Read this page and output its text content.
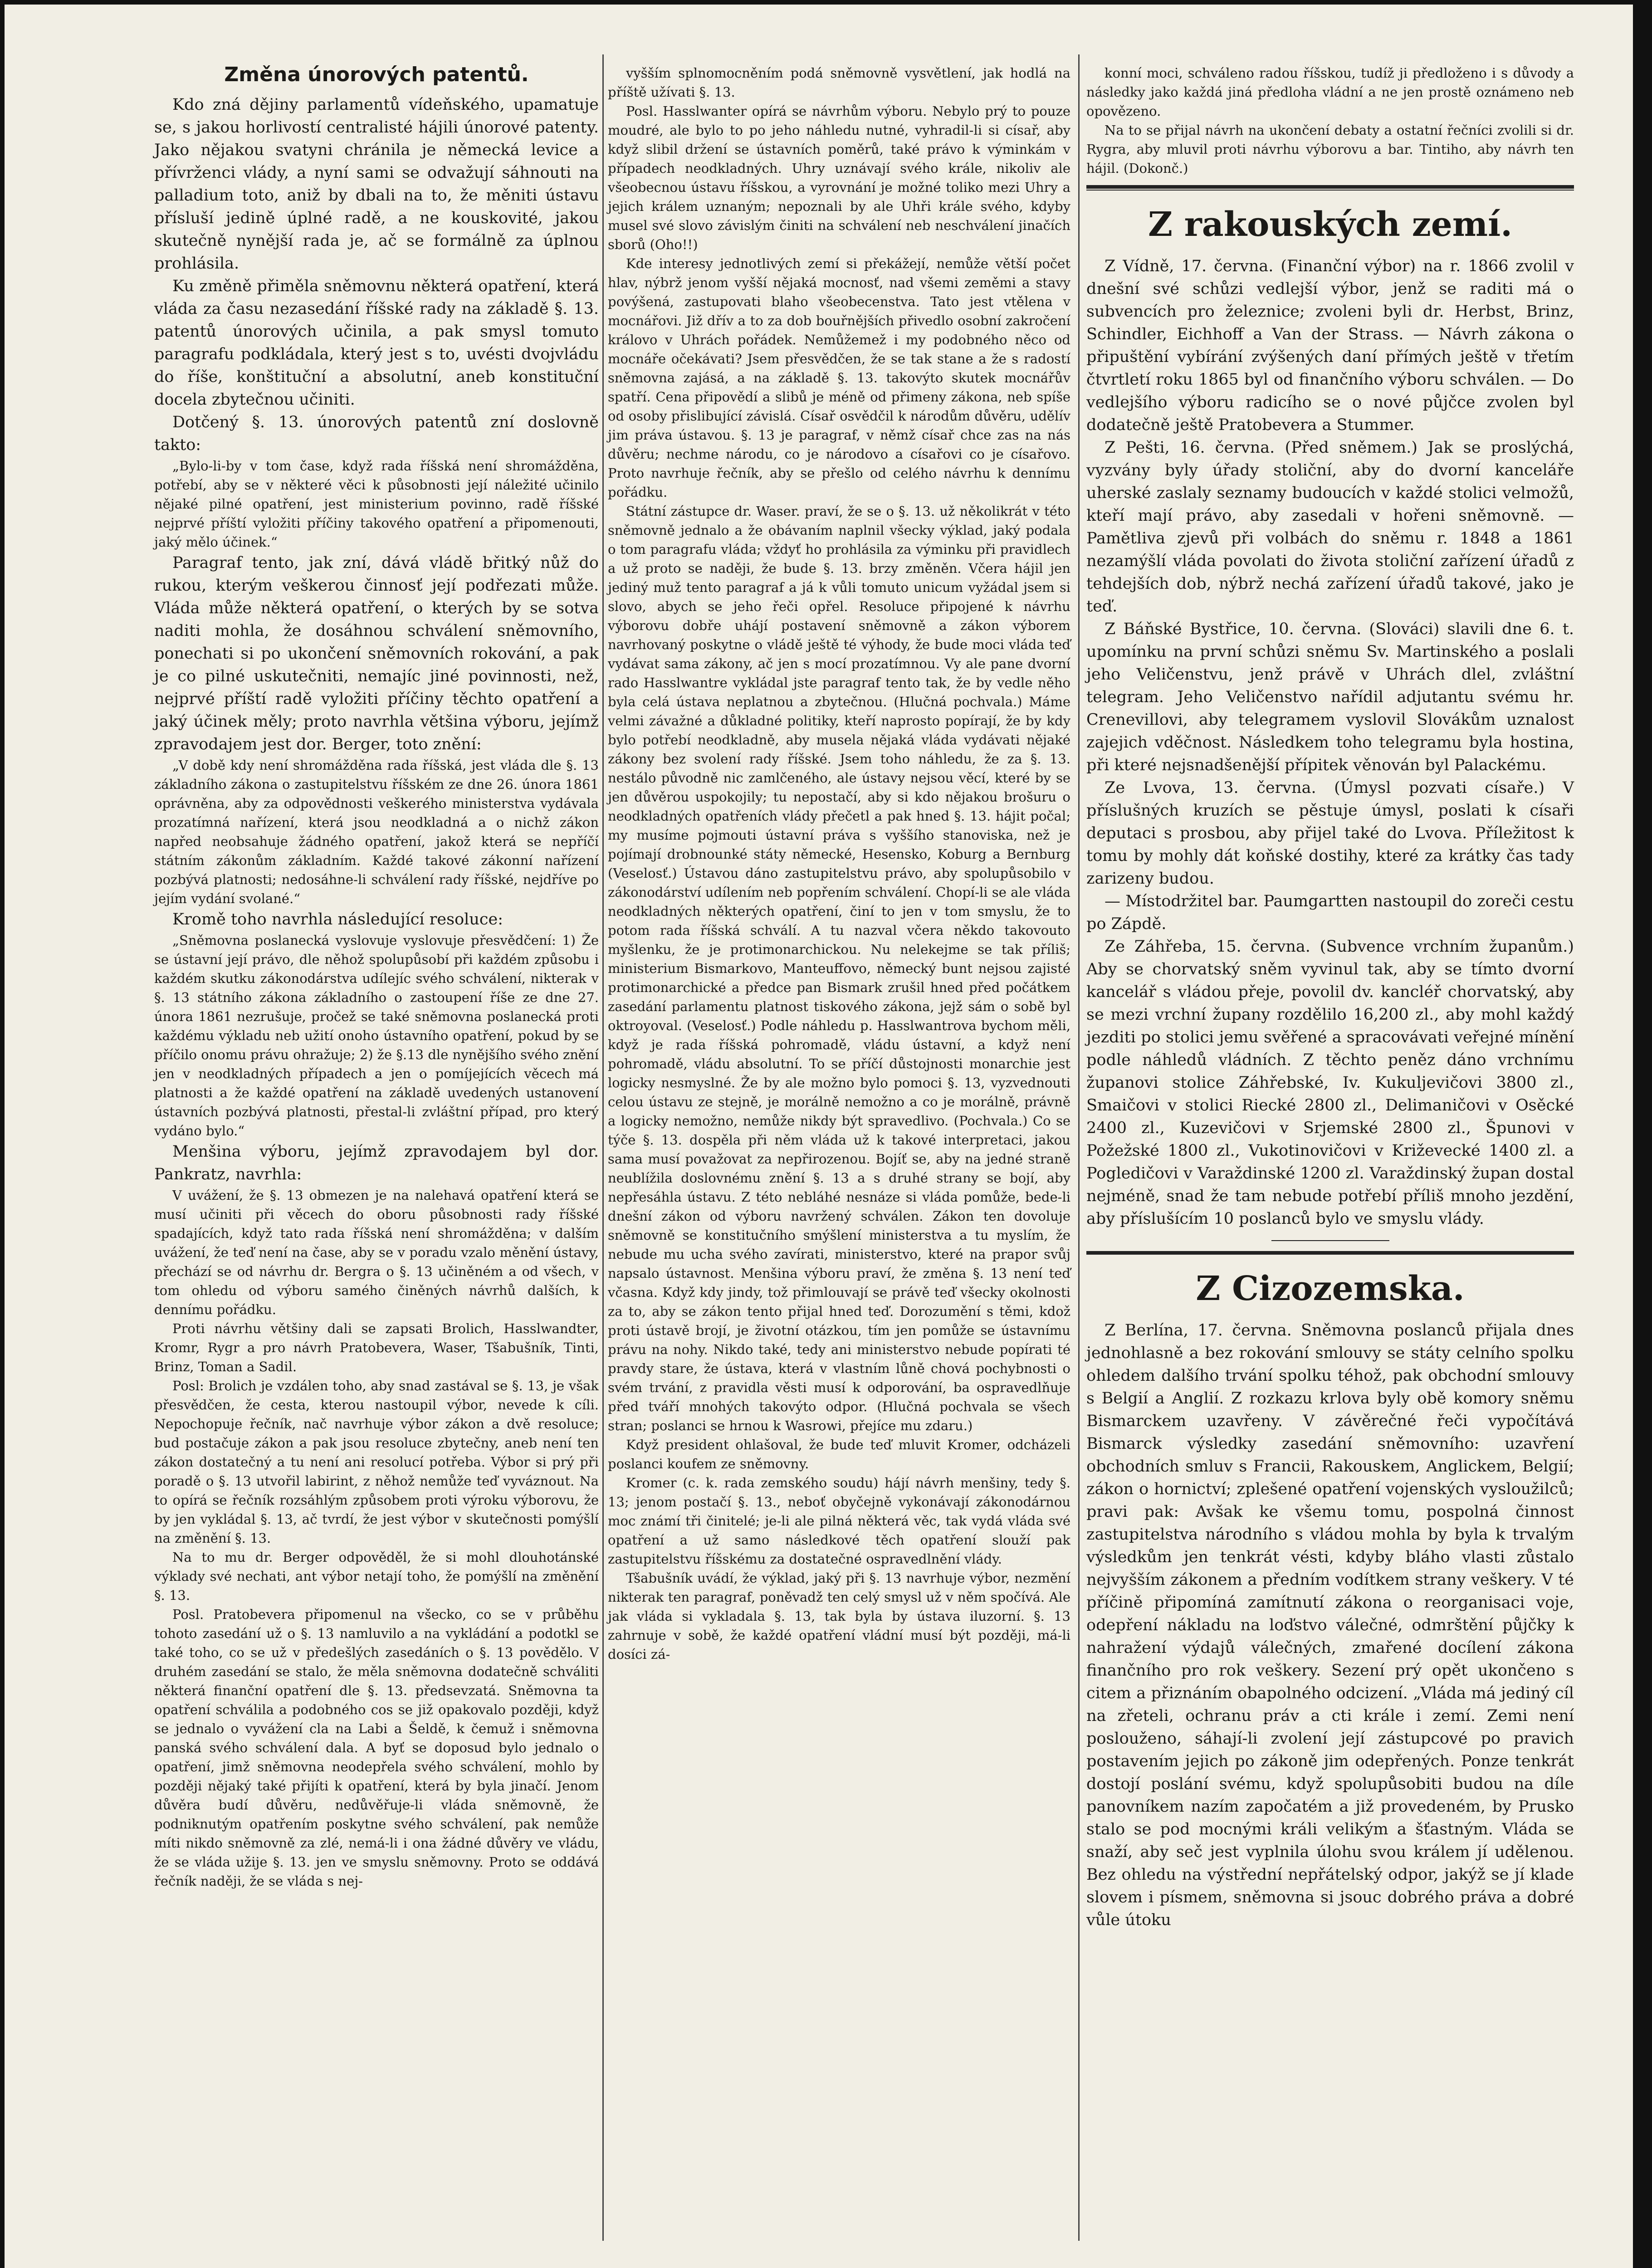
Změna únorových patentů.

Kdo zná dějiny parlamentů vídeňského, upamatuje se, s jakou horlivostí centralisté hájili únorové patenty. Jako nějakou svatyni chránila je německá levice a přívrženci vlády, a nyní sami se odvažují sáhnouti na palladium toto, aniž by dbali na to, že měniti ústavu přísluší jedině úplné radě, a ne kouskovité, jakou skutečně nynější rada je, ač se formálně za úplnou prohlásila.

Ku změně přiměla sněmovnu některá opatření, která vláda za času nezasedání říšské rady na základě §. 13. patentů únorových učinila, a pak smysl tomuto paragrafu podkládala, který jest s to, uvésti dvojvládu do říše, konštituční a absolutní, aneb konstituční docela zbytečnou učiniti.

Dotčený §. 13. únorových patentů zní doslovně takto:

„Bylo-li-by v tom čase, když rada říšská není shromážděna, potřebí, aby se v některé věci k působnosti její náležité učinilo nějaké pilné opatření, jest ministerium povinno, radě říšské nejprvé příští vyložiti příčiny takového opatření a připomenouti, jaký mělo účinek.“

Paragraf tento, jak zní, dává vládě břitký nůž do rukou, kterým veškerou činnosť její podřezati může. Vláda může některá opatření, o kterých by se sotva naditi mohla, že dosáhnou schválení sněmovního, ponechati si po ukončení sněmovních rokování, a pak je co pilné uskutečniti, nemajíc jiné povinnosti, než, nejprvé příští radě vyložiti příčiny těchto opatření a jaký účinek měly; proto navrhla většina výboru, jejímž zpravodajem jest dor. Berger, toto znění:

„V době kdy není shromážděna rada říšská, jest vláda dle §. 13 základního zákona o zastupitelstvu říšském ze dne 26. února 1861 oprávněna, aby za odpovědnosti veškerého ministerstva vydávala prozatímná nařízení, která jsou neodkladná a o nichž zákon napřed neobsahuje žádného opatření, jakož která se nepříčí státním zákonům základním. Každé takové zákonní nařízení pozbývá platnosti; nedosáhne-li schválení rady říšské, nejdříve po jejím vydání svolané.“

Kromě toho navrhla následující resoluce:

„Sněmovna poslanecká vyslovuje vyslovuje přesvědčení: 1) Že se ústavní její právo, dle něhož spolupůsobí při každém způsobu i každém skutku zákonodárstva udílejíc svého schválení, nikterak v §. 13 státního zákona základního o zastoupení říše ze dne 27. února 1861 nezrušuje, pročež se také sněmovna poslanecká proti každému výkladu neb užití onoho ústavního opatření, pokud by se příčilo onomu právu ohražuje; 2) že §.13 dle nynějšího svého znění jen v neodkladných případech a jen o pomíjejících věcech má platnosti a že každé opatření na základě uvedených ustanovení ústavních pozbývá platnosti, přestal-li zvláštní případ, pro který vydáno bylo.“

Menšina výboru, jejímž zpravodajem byl dor. Pankratz, navrhla:

V uvážení, že §. 13 obmezen je na nalehavá opatření která se musí učiniti při věcech do oboru působnosti rady říšské spadajících, když tato rada říšská není shromážděna; v dalším uvážení, že teď není na čase, aby se v poradu vzalo měnění ústavy, přechází se od návrhu dr. Bergra o §. 13 učiněném a od všech, v tom ohledu od výboru samého činěných návrhů dalších, k dennímu pořádku.

Proti návrhu většiny dali se zapsati Brolich, Hasslwandter, Kromr, Rygr a pro návrh Pratobevera, Waser, Tšabušník, Tinti, Brinz, Toman a Sadil.

Posl: Brolich je vzdálen toho, aby snad zastával se §. 13, je však přesvědčen, že cesta, kterou nastoupil výbor, nevede k cíli. Nepochopuje řečník, nač navrhuje výbor zákon a dvě resoluce; bud postačuje zákon a pak jsou resoluce zbytečny, aneb není ten zákon dostatečný a tu není ani resolucí potřeba. Výbor si prý při poradě o §. 13 utvořil labirint, z něhož nemůže teď vyváznout. Na to opírá se řečník rozsáhlým způsobem proti výroku výborovu, že by jen vykládal §. 13, ač tvrdí, že jest výbor v skutečnosti pomýšlí na změnění §. 13.

Na to mu dr. Berger odpověděl, že si mohl dlouhotánské výklady své nechati, ant výbor netají toho, že pomýšlí na změnění §. 13.

Posl. Pratobevera připomenul na všecko, co se v průběhu tohoto zasedání už o §. 13 namluvilo a na vykládání a podotkl se také toho, co se už v předešlých zasedáních o §. 13 povědělo. V druhém zasedání se stalo, že měla sněmovna dodatečně schváliti některá finanční opatření dle §. 13. předsevzatá. Sněmovna ta opatření schválila a podobného cos se již opakovalo později, když se jednalo o vyvážení cla na Labi a Šeldě, k čemuž i sněmovna panská svého schválení dala. A byť se doposud bylo jednalo o opatření, jimž sněmovna neodepřela svého schválení, mohlo by později nějaký také přijíti k opatření, která by byla jinačí. Jenom důvěra budí důvěru, nedůvěřuje-li vláda sněmovně, že podniknutým opatřením poskytne svého schválení, pak nemůže míti nikdo sněmovně za zlé, nemá-li i ona žádné důvěry ve vládu, že se vláda užije §. 13. jen ve smyslu sněmovny. Proto se oddává řečník naději, že se vláda s nej-

vyšším splnomocněním podá sněmovně vysvětlení, jak hodlá na příště užívati §. 13.

Posl. Hasslwanter opírá se návrhům výboru. Nebylo prý to pouze moudré, ale bylo to po jeho náhledu nutné, vyhradil-li si císař, aby když slibil držení se ústavních poměrů, také právo k výminkám v případech neodkladných. Uhry uznávají svého krále, nikoliv ale všeobecnou ústavu říšskou, a vyrovnání je možné toliko mezi Uhry a jejich králem uznaným; nepoznali by ale Uhři krále svého, kdyby musel své slovo závislým činiti na schválení neb neschválení jinačích sborů (Oho!!)

Kde interesy jednotlivých zemí si překážejí, nemůže větší počet hlav, nýbrž jenom vyšší nějaká mocnosť, nad všemi zeměmi a stavy povýšená, zastupovati blaho všeobecenstva. Tato jest vtělena v mocnářovi. Již dřív a to za dob bouřnějších přivedlo osobní zakročení královo v Uhrách pořádek. Nemůžemež i my podobného něco od mocnáře očekávati? Jsem přesvědčen, že se tak stane a že s radostí sněmovna zajásá, a na základě §. 13. takovýto skutek mocnářův spatří. Cena připovědí a slibů je méně od přimeny zákona, neb spíše od osoby přislibující závislá. Císař osvědčil k národům důvěru, udělív jim práva ústavou. §. 13 je paragraf, v němž císař chce zas na nás důvěru; nechme národu, co je národovo a císařovi co je císařovo. Proto navrhuje řečník, aby se přešlo od celého návrhu k dennímu pořádku.

Státní zástupce dr. Waser. praví, že se o §. 13. už několikrát v této sněmovně jednalo a že obávaním naplnil všecky výklad, jaký podala o tom paragrafu vláda; vždyť ho prohlásila za výminku při pravidlech a už proto se naději, že bude §. 13. brzy změněn. Včera hájil jen jediný muž tento paragraf a já k vůli tomuto unicum vyžádal jsem si slovo, abych se jeho řeči opřel. Resoluce připojené k návrhu výborovu dobře uhájí postavení sněmovně a zákon výborem navrhovaný poskytne o vládě ještě té výhody, že bude moci vláda teď vydávat sama zákony, ač jen s mocí prozatímnou. Vy ale pane dvorní rado Hasslwantre vykládal jste paragraf tento tak, že by vedle něho byla celá ústava neplatnou a zbytečnou. (Hlučná pochvala.) Máme velmi závažné a důkladné politiky, kteří naprosto popírají, že by kdy bylo potřebí neodkladně, aby musela nějaká vláda vydávati nějaké zákony bez svolení rady říšské. Jsem toho náhledu, že za §. 13. nestálo původně nic zamlčeného, ale ústavy nejsou věcí, které by se jen důvěrou uspokojily; tu nepostačí, aby si kdo nějakou brošuru o neodkladných opatřeních vlády přečetl a pak hned §. 13. hájit počal; my musíme pojmouti ústavní práva s vyššího stanoviska, než je pojímají drobnounké státy německé, Hesensko, Koburg a Bernburg (Veselosť.) Ústavou dáno zastupitelstvu právo, aby spolupůsobilo v zákonodárství udílením neb popřením schválení. Chopí-li se ale vláda neodkladných některých opatření, činí to jen v tom smyslu, že to potom rada říšská schválí. A tu nazval včera někdo takovouto myšlenku, že je protimonarchickou. Nu nelekejme se tak příliš; ministerium Bismarkovo, Manteuffovo, německý bunt nejsou zajisté protimonarchické a předce pan Bismark zrušil hned před počátkem zasedání parlamentu platnost tiskového zákona, jejž sám o sobě byl oktroyoval. (Veselosť.) Podle náhledu p. Hasslwantrova bychom měli, když je rada říšská pohromadě, vládu ústavní, a když není pohromadě, vládu absolutní. To se příčí důstojnosti monarchie jest logicky nesmyslné. Že by ale možno bylo pomoci §. 13, vyzvednouti celou ústavu ze stejně, je morálně nemožno a co je morálně, právně a logicky nemožno, nemůže nikdy být spravedlivo. (Pochvala.) Co se týče §. 13. dospěla při něm vláda už k takové interpretaci, jakou sama musí považovat za nepřirozenou. Bojíť se, aby na jedné straně neublížila doslovnému znění §. 13 a s druhé strany se bojí, aby nepřesáhla ústavu. Z této nebláhé nesnáze si vláda pomůže, bede-li dnešní zákon od výboru navržený schválen. Zákon ten dovoluje sněmovně se konstitučního smýšlení ministerstva a tu myslím, že nebude mu ucha svého zavírati, ministerstvo, které na prapor svůj napsalo ústavnost. Menšina výboru praví, že změna §. 13 není teď včasna. Když kdy jindy, tož přimlouvají se právě teď všecky okolnosti za to, aby se zákon tento přijal hned teď. Dorozumění s těmi, kdož proti ústavě brojí, je životní otázkou, tím jen pomůže se ústavnímu právu na nohy. Nikdo také, tedy ani ministerstvo nebude popírati té pravdy stare, že ústava, která v vlastním lůně chová pochybnosti o svém trvání, z pravidla věsti musí k odporování, ba ospravedlňuje před tváří mnohých takovýto odpor. (Hlučná pochvala se všech stran; poslanci se hrnou k Wasrowi, přejíce mu zdaru.)

Když president ohlašoval, že bude teď mluvit Kromer, odcházeli poslanci koufem ze sněmovny.

Kromer (c. k. rada zemského soudu) hájí návrh menšiny, tedy §. 13; jenom postačí §. 13., neboť obyčejně vykonávají zákonodárnou moc známí tři činitelé; je-li ale pilná některá věc, tak vydá vláda své opatření a už samo následkové těch opatření slouží pak zastupitelstvu říšskému za dostatečné ospravedlnění vlády.

Tšabušník uvádí, že výklad, jaký při §. 13 navrhuje výbor, nezmění nikterak ten paragraf, poněvadž ten celý smysl už v něm spočívá. Ale jak vláda si vykladala §. 13, tak byla by ústava iluzorní. §. 13 zahrnuje v sobě, že každé opatření vládní musí být později, má-li dosíci zá-

konní moci, schváleno radou říšskou, tudíž ji předloženo i s důvody a následky jako každá jiná předloha vládní a ne jen prostě oznámeno neb opovězeno.

Na to se přijal návrh na ukončení debaty a ostatní řečníci zvolili si dr. Rygra, aby mluvil proti návrhu výborovu a bar. Tintiho, aby návrh ten hájil. (Dokonč.)

Z rakouských zemí.

Z Vídně, 17. června. (Finanční výbor) na r. 1866 zvolil v dnešní své schůzi vedlejší výbor, jenž se raditi má o subvencích pro železnice; zvoleni byli dr. Herbst, Brinz, Schindler, Eichhoff a Van der Strass. — Návrh zákona o připuštění vybírání zvýšených daní přímých ještě v třetím čtvrtletí roku 1865 byl od finančního výboru schválen. — Do vedlejšího výboru radicího se o nové půjčce zvolen byl dodatečně ještě Pratobevera a Stummer.

Z Pešti, 16. června. (Před sněmem.) Jak se proslýchá, vyzvány byly úřady stoliční, aby do dvorní kanceláře uherské zaslaly seznamy budoucích v každé stolici velmožů, kteří mají právo, aby zasedali v hořeni sněmovně. — Pamětliva zjevů při volbách do sněmu r. 1848 a 1861 nezamýšlí vláda povolati do života stoliční zařízení úřadů z tehdejších dob, nýbrž nechá zařízení úřadů takové, jako je teď.

Z Báňské Bystřice, 10. června. (Slováci) slavili dne 6. t. upomínku na první schůzi sněmu Sv. Martinského a poslali jeho Veličenstvu, jenž právě v Uhrách dlel, zvláštní telegram. Jeho Veličenstvo nařídil adjutantu svému hr. Crenevillovi, aby telegramem vyslovil Slovákům uznalost zajejich vděčnost. Následkem toho telegramu byla hostina, při které nejsnadšenější přípitek věnován byl Palackému.

Ze Lvova, 13. června. (Úmysl pozvati císaře.) V příslušných kruzích se pěstuje úmysl, poslati k císaři deputaci s prosbou, aby přijel také do Lvova. Příležitost k tomu by mohly dát koňské dostihy, které za krátky čas tady zarizeny budou.

— Místodržitel bar. Paumgartten nastoupil do zoreči cestu po Zápdě.

Ze Záhřeba, 15. června. (Subvence vrchním županům.) Aby se chorvatský sněm vyvinul tak, aby se tímto dvorní kancelář s vládou přeje, povolil dv. kancléř chorvatský, aby se mezi vrchní župany rozdělilo 16,200 zl., aby mohl každý jezditi po stolici jemu svěřené a spracovávati veřejné mínění podle náhledů vládních. Z těchto peněz dáno vrchnímu županovi stolice Záhřebské, Iv. Kukuljevičovi 3800 zl., Smaičovi v stolici Riecké 2800 zl., Delimaničovi v Osěcké 2400 zl., Kuzevičovi v Srjemské 2800 zl., Špunovi v Požežské 1800 zl., Vukotinovičovi v Križevecké 1400 zl. a Pogledičovi v Varaždinské 1200 zl. Varaždinský župan dostal nejméně, snad že tam nebude potřebí příliš mnoho jezdění, aby příslušícím 10 poslanců bylo ve smyslu vlády.

Z Cizozemska.

Z Berlína, 17. června. Sněmovna poslanců přijala dnes jednohlasně a bez rokování smlouvy se státy celního spolku ohledem dalšího trvání spolku téhož, pak obchodní smlouvy s Belgií a Anglií. Z rozkazu krlova byly obě komory sněmu Bismarckem uzavřeny. V závěrečné řeči vypočítává Bismarck výsledky zasedání sněmovního: uzavření obchodních smluv s Francii, Rakouskem, Anglickem, Belgií; zákon o hornictví; zplešené opatření vojenských vysloužilců; pravi pak: Avšak ke všemu tomu, pospolná činnost zastupitelstva národního s vládou mohla by byla k trvalým výsledkům jen tenkrát vésti, kdyby bláho vlasti zůstalo nejvyšším zákonem a předním vodítkem strany veškery. V té příčině připomíná zamítnutí zákona o reorganisaci voje, odepření nákladu na loďstvo válečné, odmrštění půjčky k nahražení výdajů válečných, zmařené docílení zákona finančního pro rok veškery. Sezení prý opět ukončeno s citem a přiznáním obapolného odcizení. „Vláda má jediný cíl na zřeteli, ochranu práv a cti krále i zemí. Zemi není poslouženo, sáhají-li zvolení její zástupcové po pravich postavením jejich po zákoně jim odepřených. Ponze tenkrát dostojí poslání svému, když spolupůsobiti budou na díle panovníkem nazím započatém a již provedeném, by Prusko stalo se pod mocnými králi velikým a šťastným. Vláda se snaží, aby seč jest vyplnila úlohu svou králem jí udělenou. Bez ohledu na výstřední nepřátelský odpor, jakýž se jí klade slovem i písmem, sněmovna si jsouc dobrého práva a dobré vůle útoku
